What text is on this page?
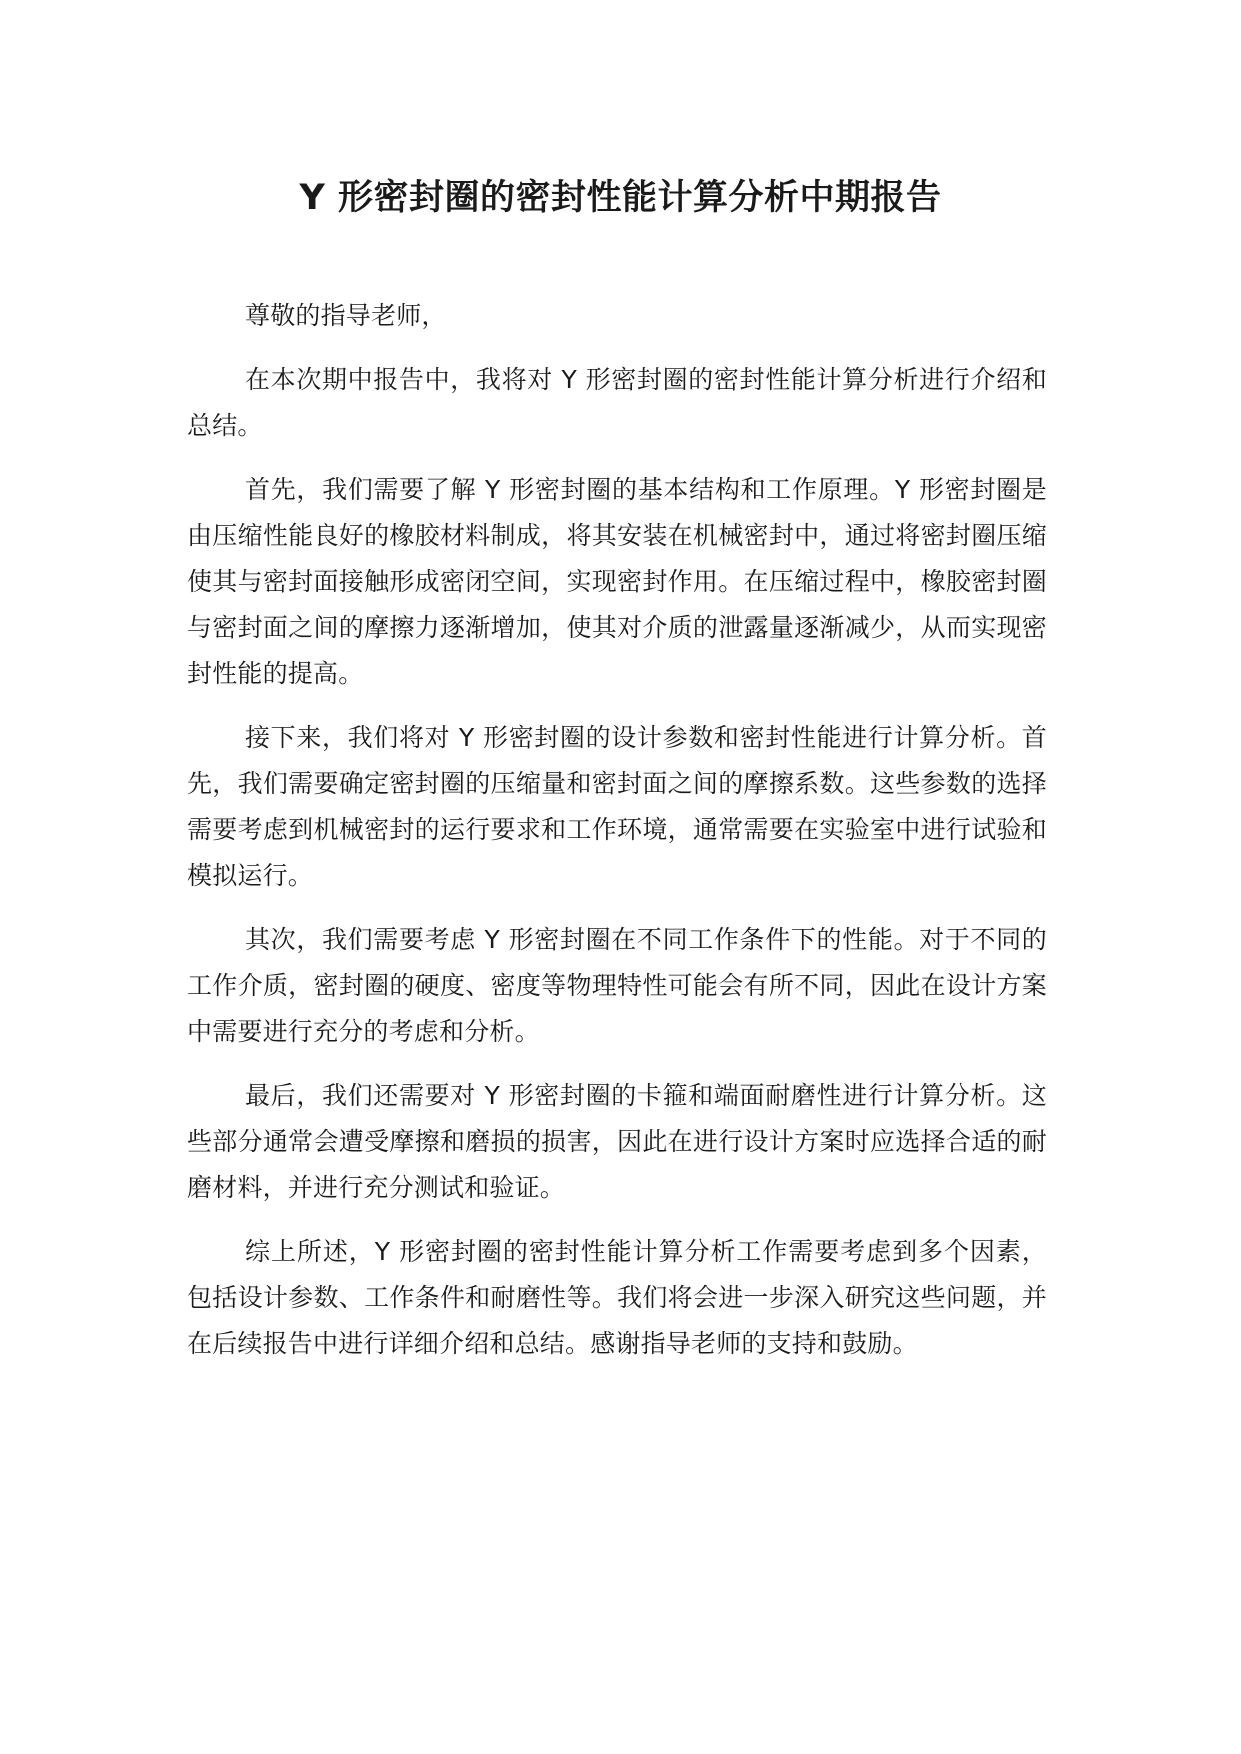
Y 形密封圈的密封性能计算分析中期报告

尊敬的指导老师，

在本次期中报告中，我将对 Y 形密封圈的密封性能计算分析进行介绍和总结。

首先，我们需要了解 Y 形密封圈的基本结构和工作原理。Y 形密封圈是由压缩性能良好的橡胶材料制成，将其安装在机械密封中，通过将密封圈压缩使其与密封面接触形成密闭空间，实现密封作用。在压缩过程中，橡胶密封圈与密封面之间的摩擦力逐渐增加，使其对介质的泄露量逐渐减少，从而实现密封性能的提高。

接下来，我们将对 Y 形密封圈的设计参数和密封性能进行计算分析。首先，我们需要确定密封圈的压缩量和密封面之间的摩擦系数。这些参数的选择需要考虑到机械密封的运行要求和工作环境，通常需要在实验室中进行试验和模拟运行。

其次，我们需要考虑 Y 形密封圈在不同工作条件下的性能。对于不同的工作介质，密封圈的硬度、密度等物理特性可能会有所不同，因此在设计方案中需要进行充分的考虑和分析。

最后，我们还需要对 Y 形密封圈的卡箍和端面耐磨性进行计算分析。这些部分通常会遭受摩擦和磨损的损害，因此在进行设计方案时应选择合适的耐磨材料，并进行充分测试和验证。

综上所述，Y 形密封圈的密封性能计算分析工作需要考虑到多个因素，包括设计参数、工作条件和耐磨性等。我们将会进一步深入研究这些问题，并在后续报告中进行详细介绍和总结。感谢指导老师的支持和鼓励。
